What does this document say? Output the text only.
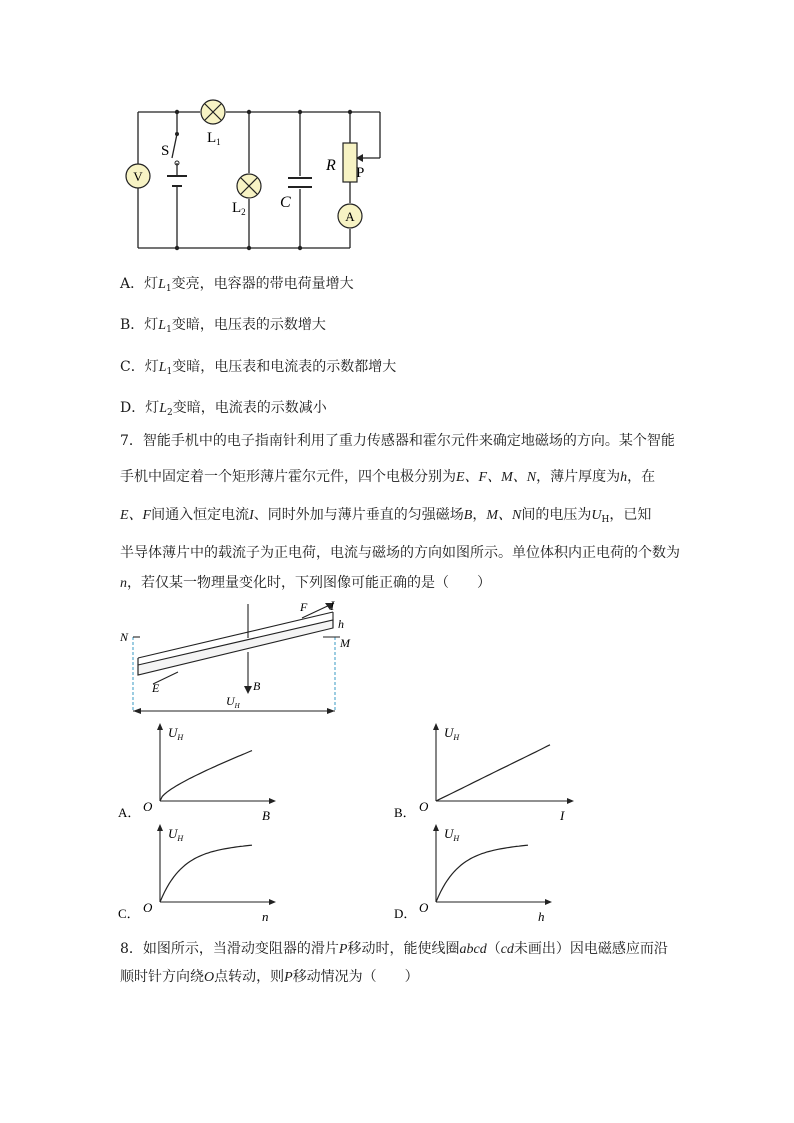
V
A
S
$L_1$
$L_2$
C
R P
A．灯$L_1$变亮，电容器的带电荷量增大
B．灯$L_1$变暗，电压表的示数增大
C．灯$L_1$变暗，电压表和电流表的示数都增大
D．灯$L_2$变暗，电流表的示数减小
7．智能手机中的电子指南针利用了重力传感器和霍尔元件来确定地磁场的方向。某个智能
手机中固定着一个矩形薄片霍尔元件，四个电极分别为E、F、M、N，薄片厚度为h，在
E、F间通入恒定电流I、同时外加与薄片垂直的匀强磁场B，M、N间的电压为$U_H$，已知
半导体薄片中的载流子为正电荷，电流与磁场的方向如图所示。单位体积内正电荷的个数为
n，若仅某一物理量变化时，下列图像可能正确的是（　　）
F I
h
N	M
E	B
$U_H$
$U_H$
O
B
A．
$U_H$
O
I
B．
$U_H$
O
n
C．
$U_H$
O
h
D．
8．如图所示，当滑动变阻器的滑片P移动时，能使线圈abcd（cd未画出）因电磁感应而沿
顺时针方向绕O点转动，则P移动情况为（　　）
